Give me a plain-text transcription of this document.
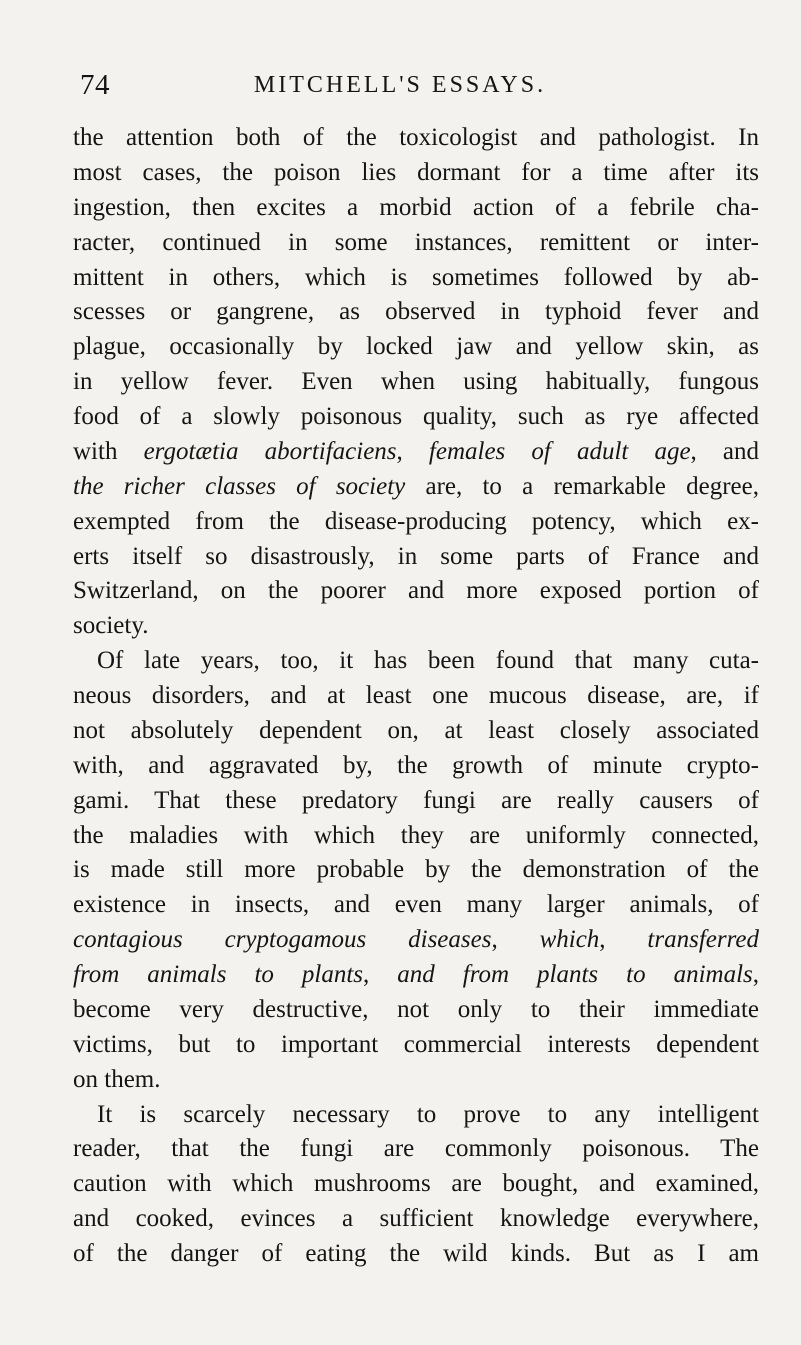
74	MITCHELL'S ESSAYS.
the attention both of the toxicologist and pathologist. In
most cases, the poison lies dormant for a time after its
ingestion, then excites a morbid action of a febrile cha-
racter, continued in some instances, remittent or inter-
mittent in others, which is sometimes followed by ab-
scesses or gangrene, as observed in typhoid fever and
plague, occasionally by locked jaw and yellow skin, as
in yellow fever. Even when using habitually, fungous
food of a slowly poisonous quality, such as rye affected
with ergotætia abortifaciens, females of adult age, and
the richer classes of society are, to a remarkable degree,
exempted from the disease-producing potency, which ex-
erts itself so disastrously, in some parts of France and
Switzerland, on the poorer and more exposed portion of
society.
Of late years, too, it has been found that many cuta-
neous disorders, and at least one mucous disease, are, if
not absolutely dependent on, at least closely associated
with, and aggravated by, the growth of minute crypto-
gami. That these predatory fungi are really causers of
the maladies with which they are uniformly connected,
is made still more probable by the demonstration of the
existence in insects, and even many larger animals, of
contagious cryptogamous diseases, which, transferred
from animals to plants, and from plants to animals,
become very destructive, not only to their immediate
victims, but to important commercial interests dependent
on them.
It is scarcely necessary to prove to any intelligent
reader, that the fungi are commonly poisonous. The
caution with which mushrooms are bought, and examined,
and cooked, evinces a sufficient knowledge everywhere,
of the danger of eating the wild kinds. But as I am
